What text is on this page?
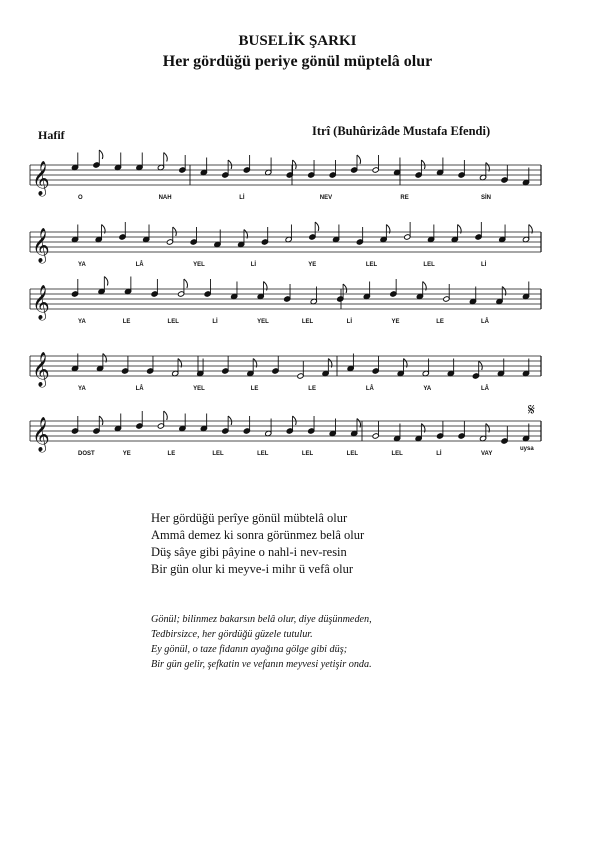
BUSELİK ŞARKI
Her gördüğü periye gönül müptelâ olur
Hafif	Itrî (Buhûrizâde Mustafa Efendi)
𝄞
O	NAH	Lİ	NEV	RE	SİN
𝄞
YA	LÂ	YEL	Lİ	YE	LEL	LEL	Lİ
𝄞
YA	LE	LEL	Lİ	YEL	LEL	Lİ	YE	LE	LÂ
𝄞
YA	LÂ	YEL	LE	LE	LÂ	YA	LÂ
𝄞
DOST	YE	LE	LEL	LEL	LEL	LEL	LEL	Lİ	VAY
𝄋
uysa
Her gördüğü perîye gönül mübtelâ olur
Ammâ demez ki sonra görünmez belâ olur
Düş sâye gibi pâyine o nahl-i nev-resin
Bir gün olur ki meyve-i mihr ü vefâ olur
Gönül; bilinmez bakarsın belâ olur, diye düşünmeden,
Tedbirsizce, her gördüğü güzele tutulur.
Ey gönül, o taze fidanın ayağına gölge gibi düş;
Bir gün gelir, şefkatin ve vefanın meyvesi yetişir onda.
